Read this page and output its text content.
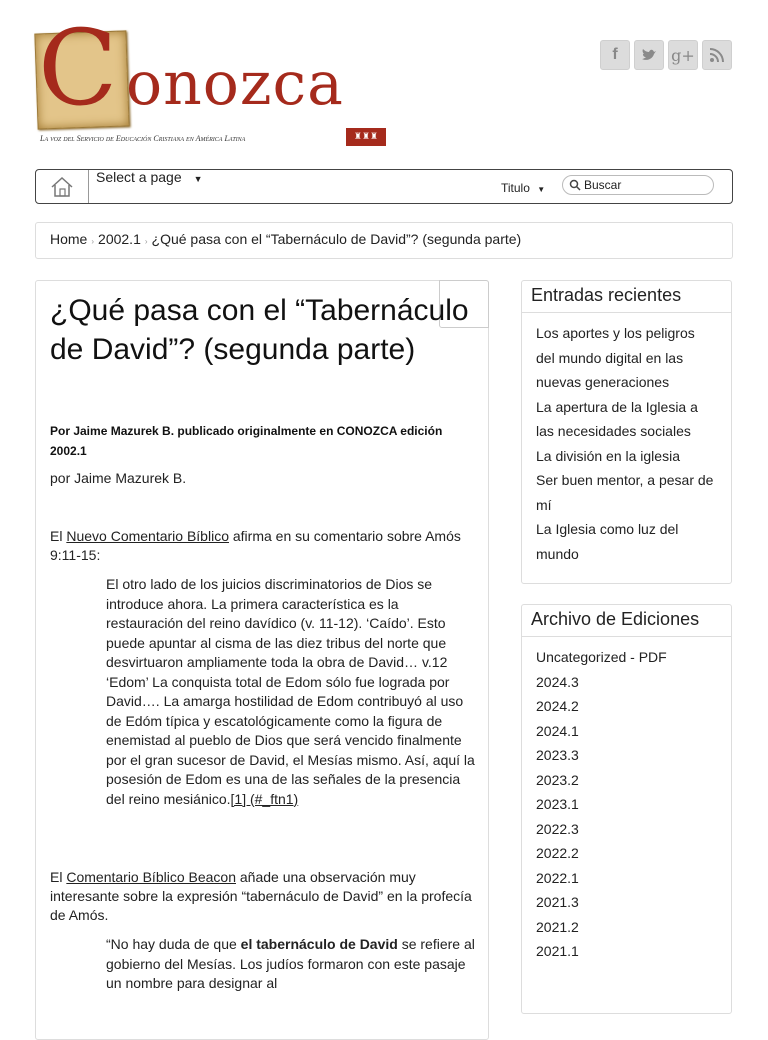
C onozca
La voz del Servicio de Educación Cristiana en América Latina	♜♜♜
f	g+
Select a page ▼
Titulo ▼	Buscar
Home › 2002.1 › ¿Qué pasa con el “Tabernáculo de David”? (segunda parte)
¿Qué pasa con el “Tabernáculo de David”? (segunda parte)
Por Jaime Mazurek B. publicado originalmente en CONOZCA edición 2002.1
por Jaime Mazurek B.
El Nuevo Comentario Bíblico afirma en su comentario sobre Amós 9:11-15:
El otro lado de los juicios discriminatorios de Dios se introduce ahora. La primera característica es la restauración del reino davídico (v. 11-12). ‘Caído’. Esto puede apuntar al cisma de las diez tribus del norte que desvirtuaron ampliamente toda la obra de David… v.12 ‘Edom’ La conquista total de Edom sólo fue lograda por David…. La amarga hostilidad de Edom contribuyó al uso de Edóm típica y escatológicamente como la figura de enemistad al pueblo de Dios que será vencido finalmente por el gran sucesor de David, el Mesías mismo. Así, aquí la posesión de Edom es una de las señales de la presencia del reino mesiánico.[1] (#_ftn1)
El Comentario Bíblico Beacon añade una observación muy interesante sobre la expresión “tabernáculo de David” en la profecía de Amós.
“No hay duda de que el tabernáculo de David se refiere al gobierno del Mesías. Los judíos formaron con este pasaje un nombre para designar al
Entradas recientes
Los aportes y los peligros del mundo digital en las nuevas generaciones
La apertura de la Iglesia a las necesidades sociales
La división en la iglesia
Ser buen mentor, a pesar de mí
La Iglesia como luz del mundo
Archivo de Ediciones
Uncategorized - PDF
2024.3
2024.2
2024.1
2023.3
2023.2
2023.1
2022.3
2022.2
2022.1
2021.3
2021.2
2021.1
